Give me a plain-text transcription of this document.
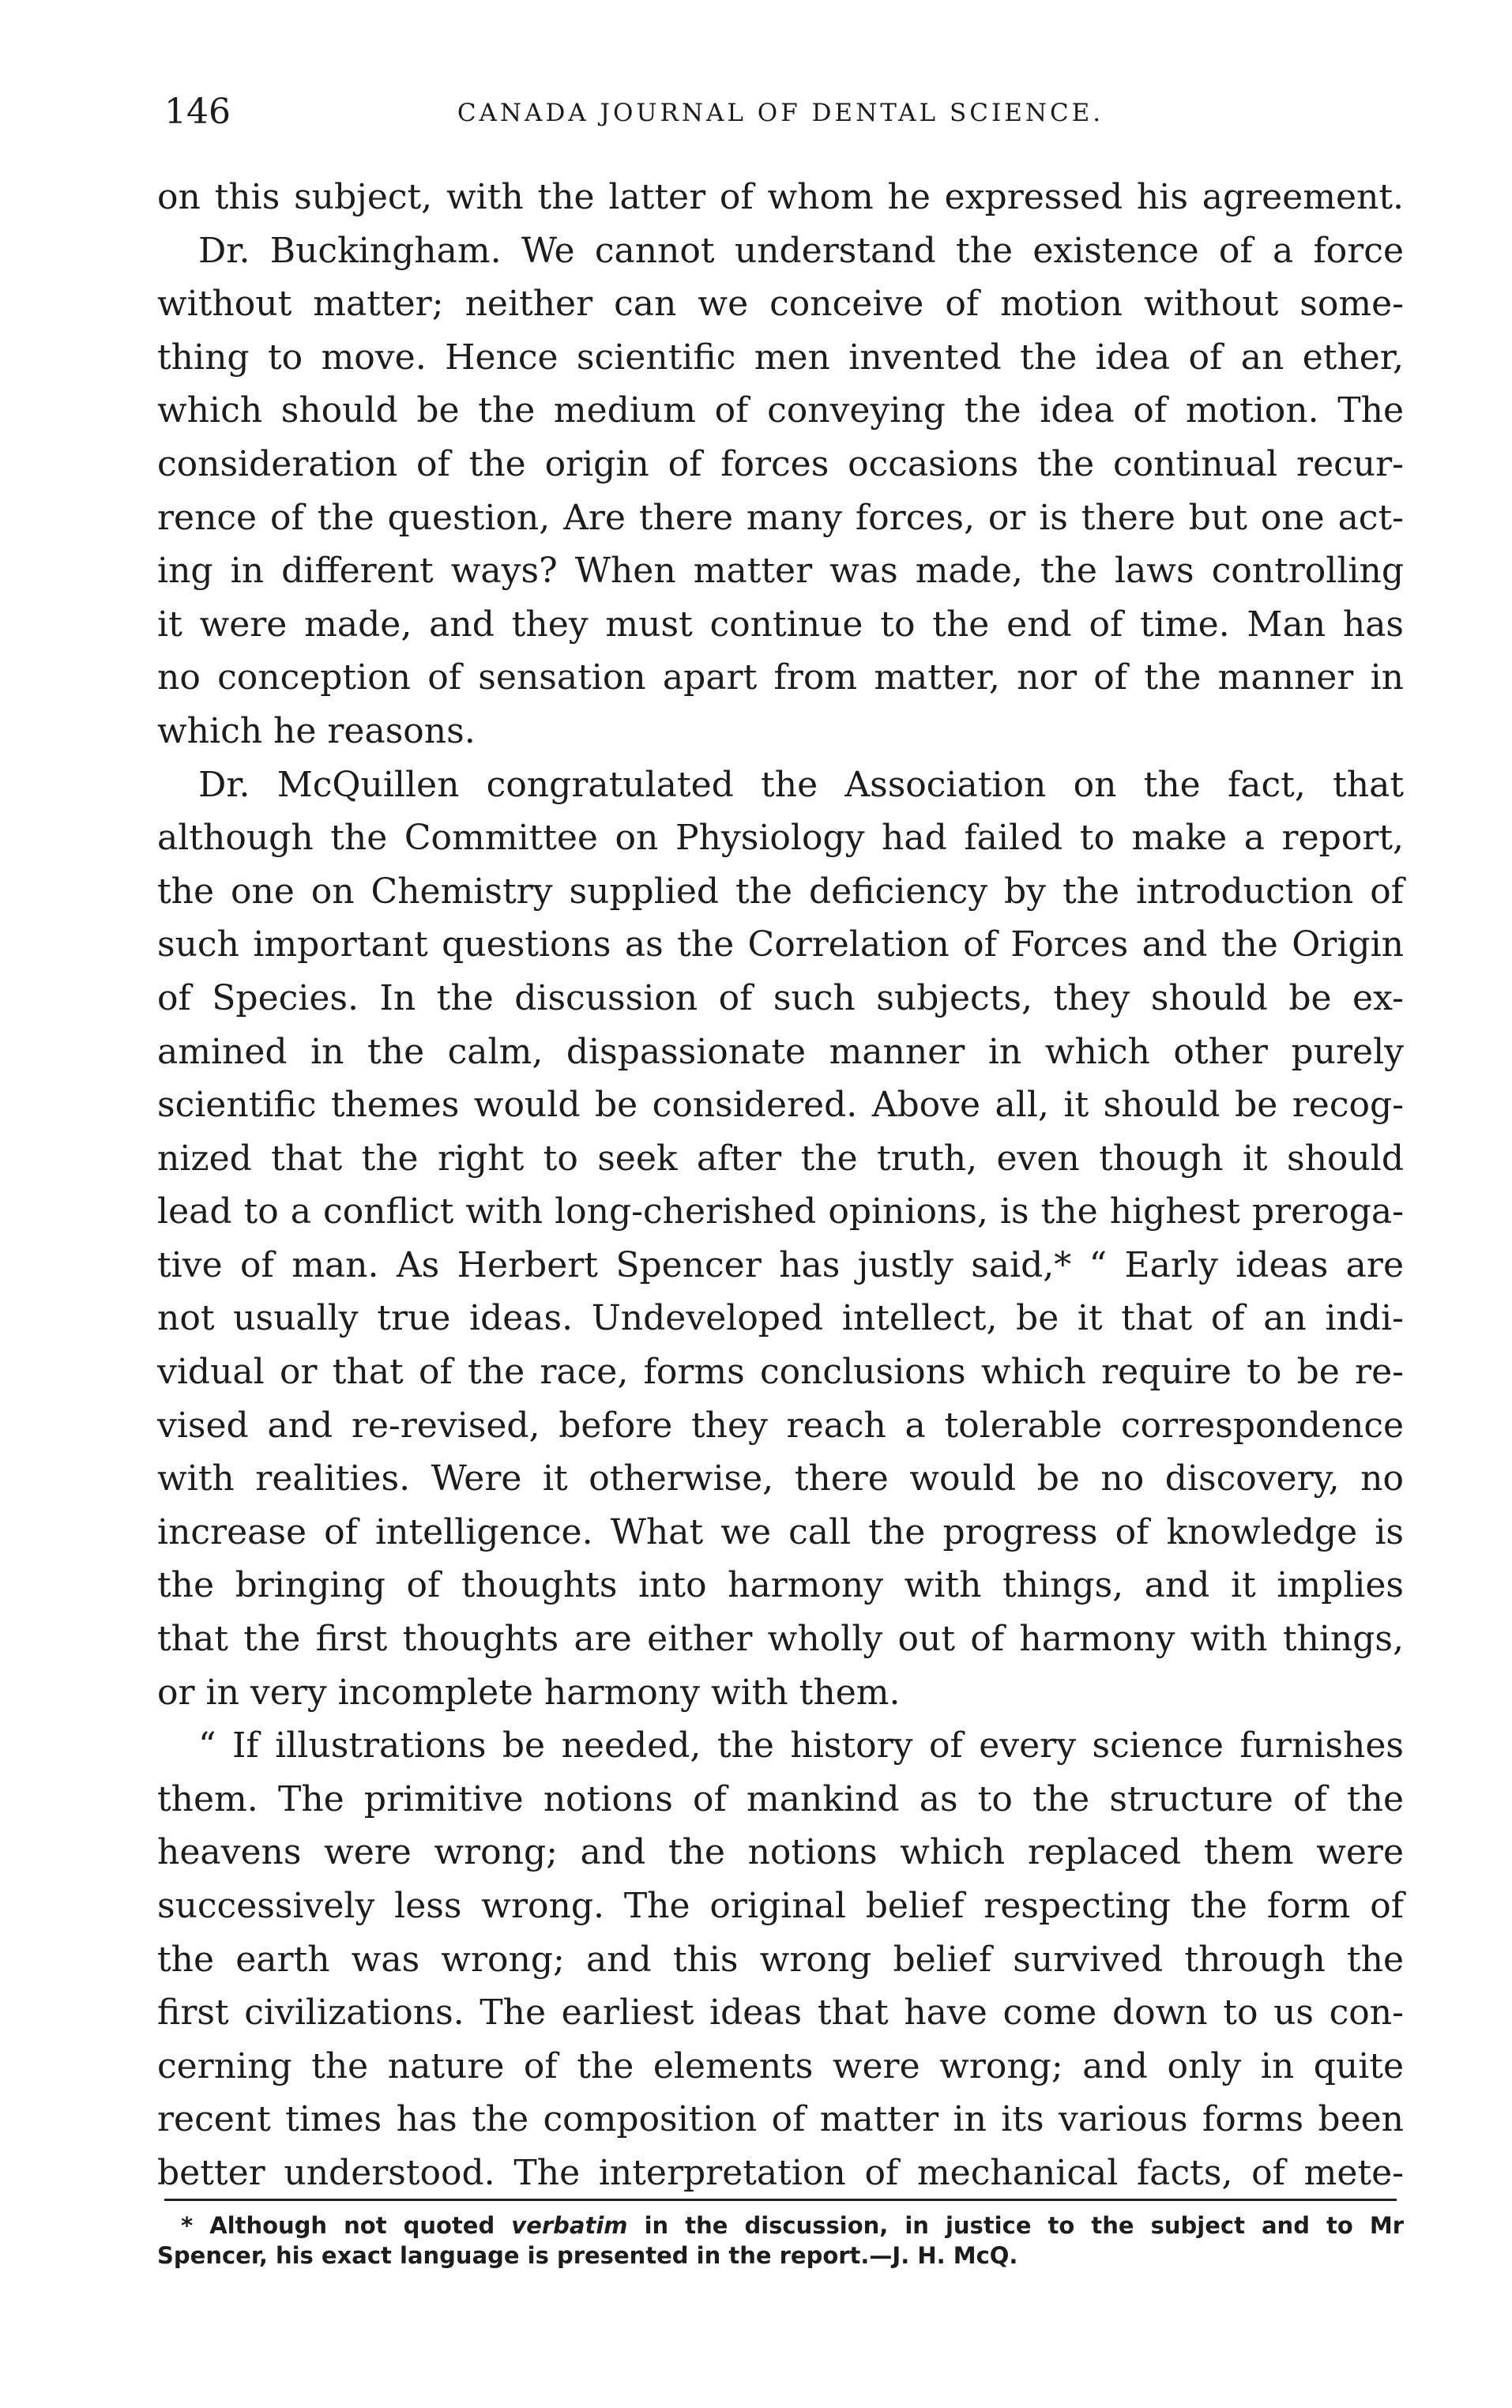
146	CANADA JOURNAL OF DENTAL SCIENCE.
on this subject, with the latter of whom he expressed his agreement.
Dr. Buckingham. We cannot understand the existence of a force
without matter; neither can we conceive of motion without some-
thing to move. Hence scientific men invented the idea of an ether,
which should be the medium of conveying the idea of motion. The
consideration of the origin of forces occasions the continual recur-
rence of the question, Are there many forces, or is there but one act-
ing in different ways? When matter was made, the laws controlling
it were made, and they must continue to the end of time. Man has
no conception of sensation apart from matter, nor of the manner in
which he reasons.
Dr. McQuillen congratulated the Association on the fact, that
although the Committee on Physiology had failed to make a report,
the one on Chemistry supplied the deficiency by the introduction of
such important questions as the Correlation of Forces and the Origin
of Species. In the discussion of such subjects, they should be ex-
amined in the calm, dispassionate manner in which other purely
scientific themes would be considered. Above all, it should be recog-
nized that the right to seek after the truth, even though it should
lead to a conflict with long-cherished opinions, is the highest preroga-
tive of man. As Herbert Spencer has justly said,* “ Early ideas are
not usually true ideas. Undeveloped intellect, be it that of an indi-
vidual or that of the race, forms conclusions which require to be re-
vised and re-revised, before they reach a tolerable correspondence
with realities. Were it otherwise, there would be no discovery, no
increase of intelligence. What we call the progress of knowledge is
the bringing of thoughts into harmony with things, and it implies
that the first thoughts are either wholly out of harmony with things,
or in very incomplete harmony with them.
“ If illustrations be needed, the history of every science furnishes
them. The primitive notions of mankind as to the structure of the
heavens were wrong; and the notions which replaced them were
successively less wrong. The original belief respecting the form of
the earth was wrong; and this wrong belief survived through the
first civilizations. The earliest ideas that have come down to us con-
cerning the nature of the elements were wrong; and only in quite
recent times has the composition of matter in its various forms been
better understood. The interpretation of mechanical facts, of mete-
* Although not quoted verbatim in the discussion, in justice to the subject and to Mr
Spencer, his exact language is presented in the report.—J. H. McQ.
